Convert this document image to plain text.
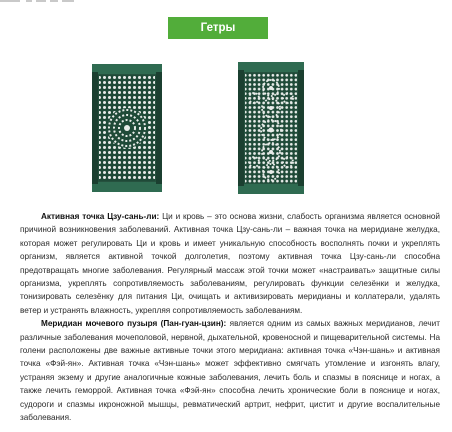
Гетры

Активная точка Цзу-сань-ли: Ци и кровь – это основа жизни, слабость организма является основной причиной возникновения заболеваний. Активная точка Цзу-сань-ли – важная точка на меридиане желудка, которая может регулировать Ци и кровь и имеет уникальную способность восполнять почки и укреплять организм, является активной точкой долголетия, поэтому активная точка Цзу-сань-ли способна предотвращать многие заболевания. Регулярный массаж этой точки может «настраивать» защитные силы организма, укреплять сопротивляемость заболеваниям, регулировать функции селезёнки и желудка, тонизировать селезёнку для питания Ци, очищать и активизировать меридианы и коллатерали, удалять ветер и устранять влажность, укрепляя сопротивляемость заболеваниям.

Меридиан мочевого пузыря (Пан-гуан-цзин): является одним из самых важных меридианов, лечит различные заболевания мочеполовой, нервной, дыхательной, кровеносной и пищеварительной системы. На голени расположены две важные активные точки этого меридиана: активная точка «Чэн-шань» и активная точка «Фэй-ян». Активная точка «Чэн-шань» может эффективно смягчать утомление и изгонять влагу, устраняя экзему и другие аналогичные кожные заболевания, лечить боль и спазмы в пояснице и ногах, а также лечить геморрой. Активная точка «Фэй-ян» способна лечить хронические боли в пояснице и ногах, судороги и спазмы икроножной мышцы, ревматический артрит, нефрит, цистит и другие воспалительные заболевания.
